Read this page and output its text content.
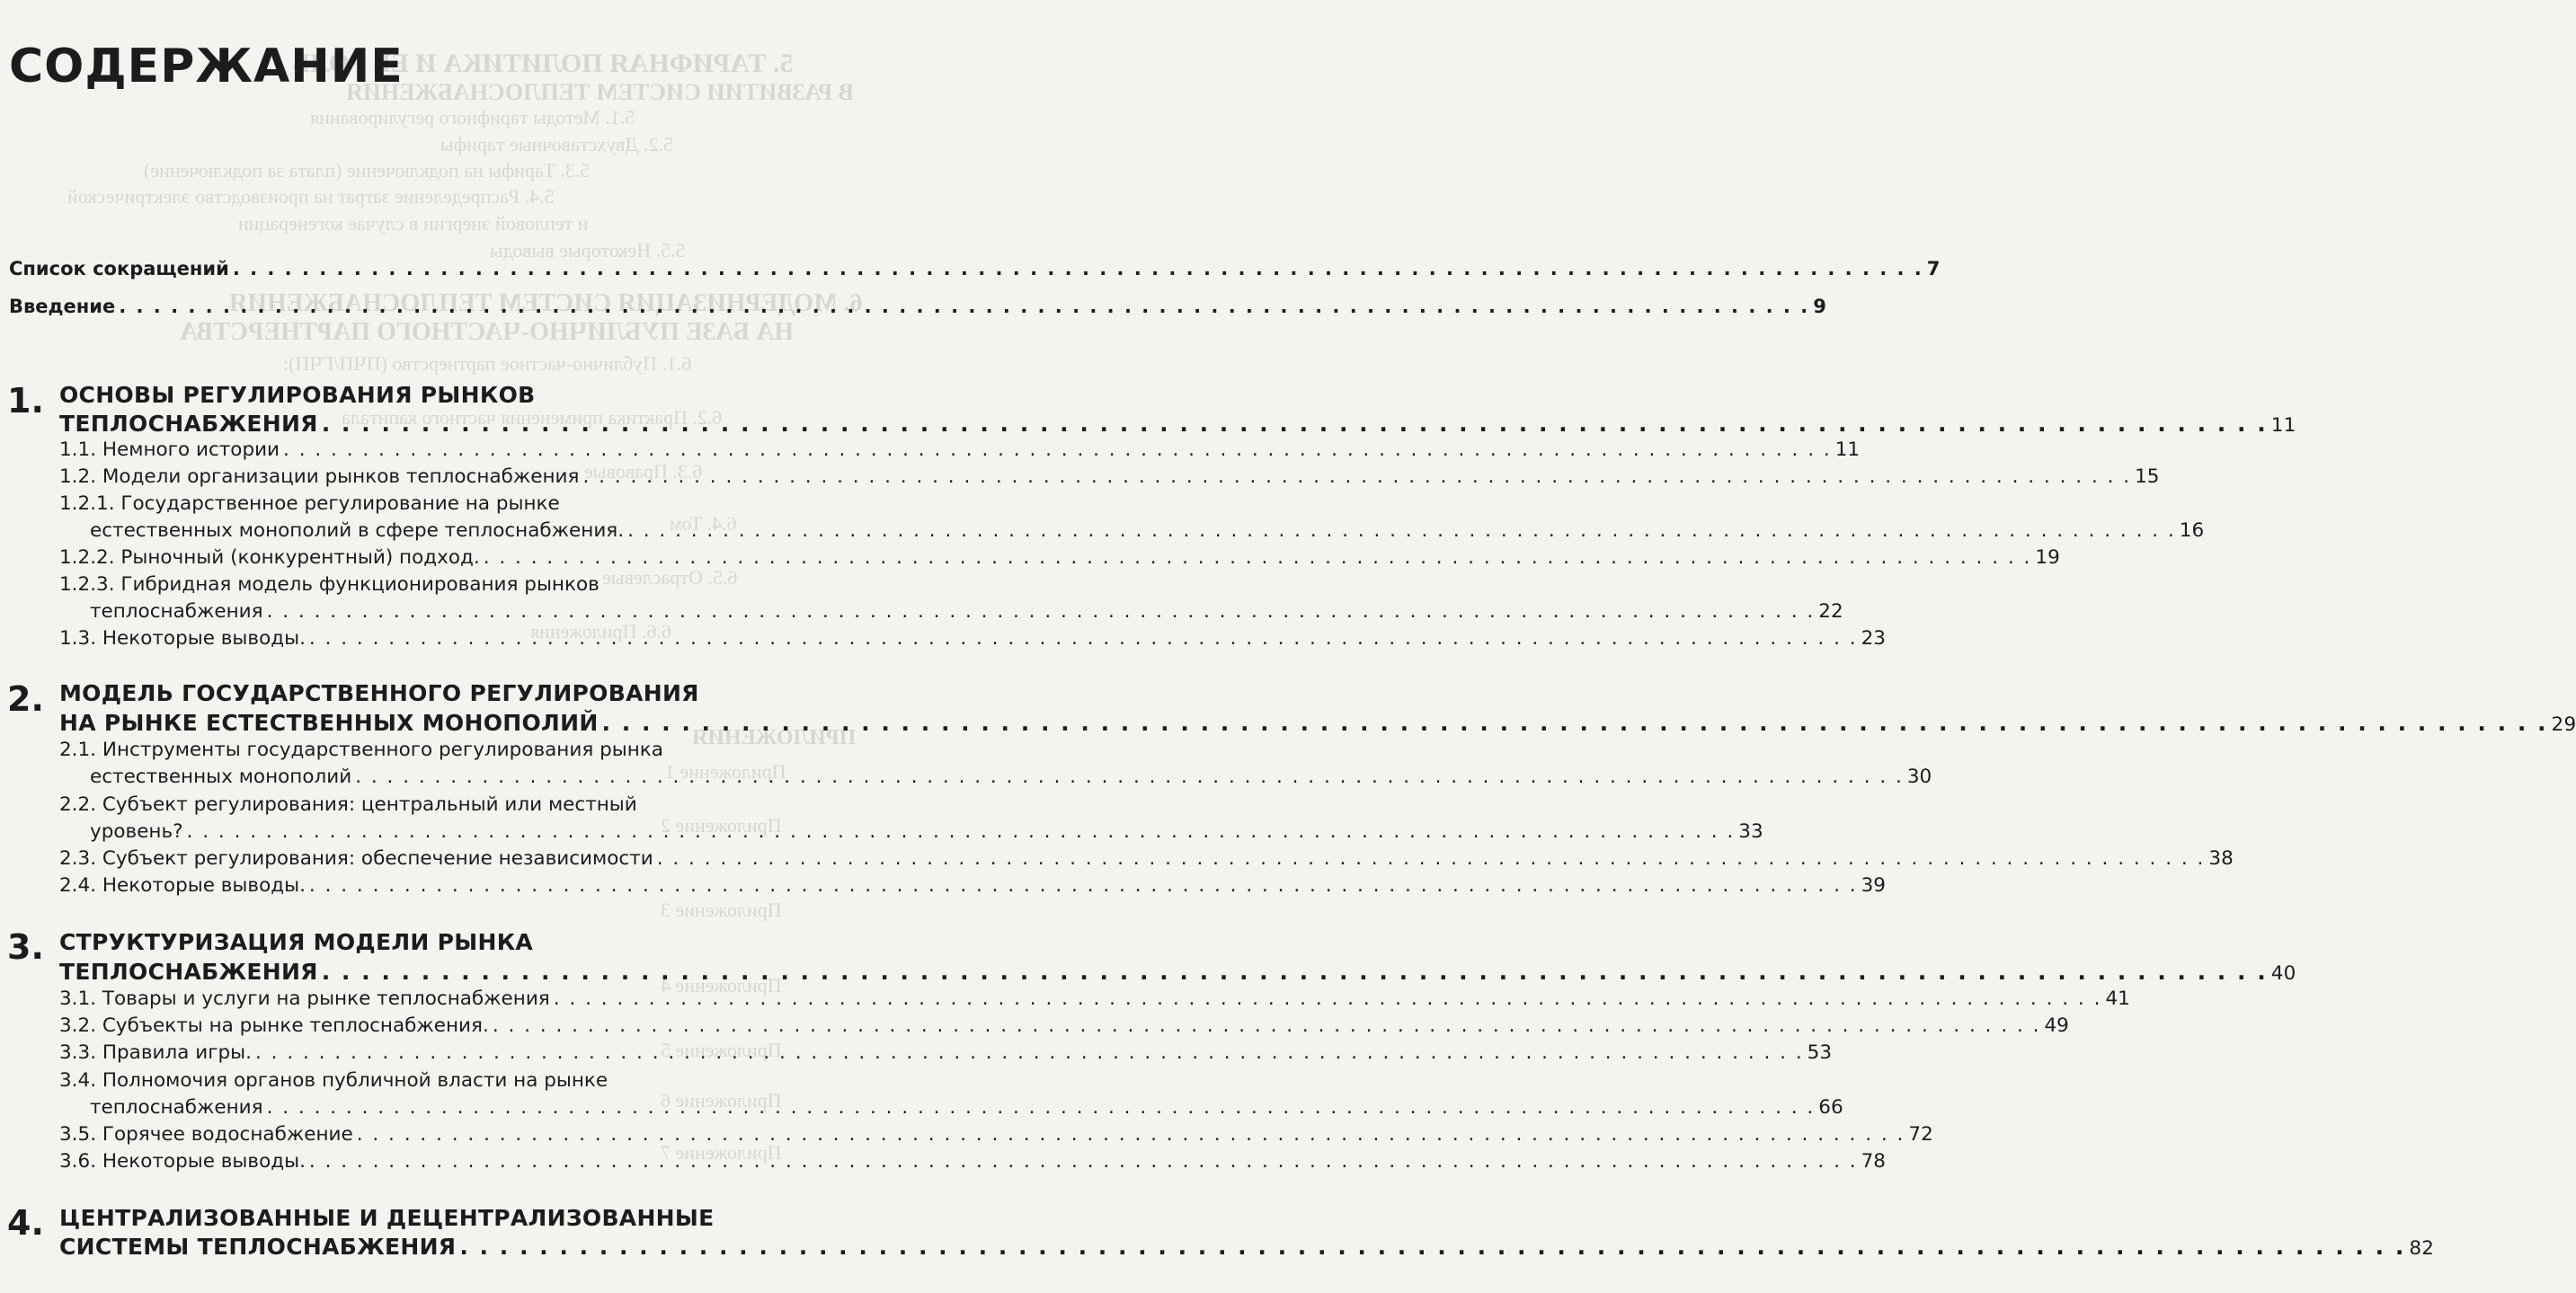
5. ТАРИФНАЯ ПОЛИТИКА И ЕЕ РОЛЬ
В РАЗВИТИИ СИСТЕМ ТЕПЛОСНАБЖЕНИЯ
5.1. Методы тарифного регулирования
5.2. Двухставочные тарифы
5.3. Тарифы на подключение (плата за подключение)
5.4. Распределение затрат на производство электрической
и тепловой энергии в случае когенерации
5.5. Некоторые выводы
6. МОДЕРНИЗАЦИЯ СИСТЕМ ТЕПЛОСНАБЖЕНИЯ
НА БАЗЕ ПУБЛИЧНО-ЧАСТНОГО ПАРТНЕРСТВА
6.1. Публично-частное партнерство (ПЧП/ГЧП):
6.2. Практика применения частного капитала
6.3. Правовые
6.4. Том
6.5. Отраслевые
6.6. Приложения
ПРИЛОЖЕНИЯ
Приложение 1
Приложение 2
Приложение 3
Приложение 4
Приложение 5
Приложение 6
Приложение 7
СОДЕРЖАНИЕ
Список сокращений . . .	7
Введение . . .	9
1. ОСНОВЫ РЕГУЛИРОВАНИЯ РЫНКОВ
ТЕПЛОСНАБЖЕНИЯ . . .	11
1.1. Немного истории . . .	11
1.2. Модели организации рынков теплоснабжения . . .	15
1.2.1. Государственное регулирование на рынке
естественных монополий в сфере теплоснабжения. . . .	16
1.2.2. Рыночный (конкурентный) подход. . . .	19
1.2.3. Гибридная модель функционирования рынков
теплоснабжения . . .	22
1.3. Некоторые выводы. . . .	23
2. МОДЕЛЬ ГОСУДАРСТВЕННОГО РЕГУЛИРОВАНИЯ
НА РЫНКЕ ЕСТЕСТВЕННЫХ МОНОПОЛИЙ . . .	29
2.1. Инструменты государственного регулирования рынка
естественных монополий . . .	30
2.2. Субъект регулирования: центральный или местный
уровень? . . .	33
2.3. Субъект регулирования: обеспечение независимости . . .	38
2.4. Некоторые выводы. . . .	39
3. СТРУКТУРИЗАЦИЯ МОДЕЛИ РЫНКА
ТЕПЛОСНАБЖЕНИЯ . . .	40
3.1. Товары и услуги на рынке теплоснабжения . . .	41
3.2. Субъекты на рынке теплоснабжения. . . .	49
3.3. Правила игры. . . .	53
3.4. Полномочия органов публичной власти на рынке
теплоснабжения . . .	66
3.5. Горячее водоснабжение . . .	72
3.6. Некоторые выводы. . . .	78
4. ЦЕНТРАЛИЗОВАННЫЕ И ДЕЦЕНТРАЛИЗОВАННЫЕ
СИСТЕМЫ ТЕПЛОСНАБЖЕНИЯ . . .	82
